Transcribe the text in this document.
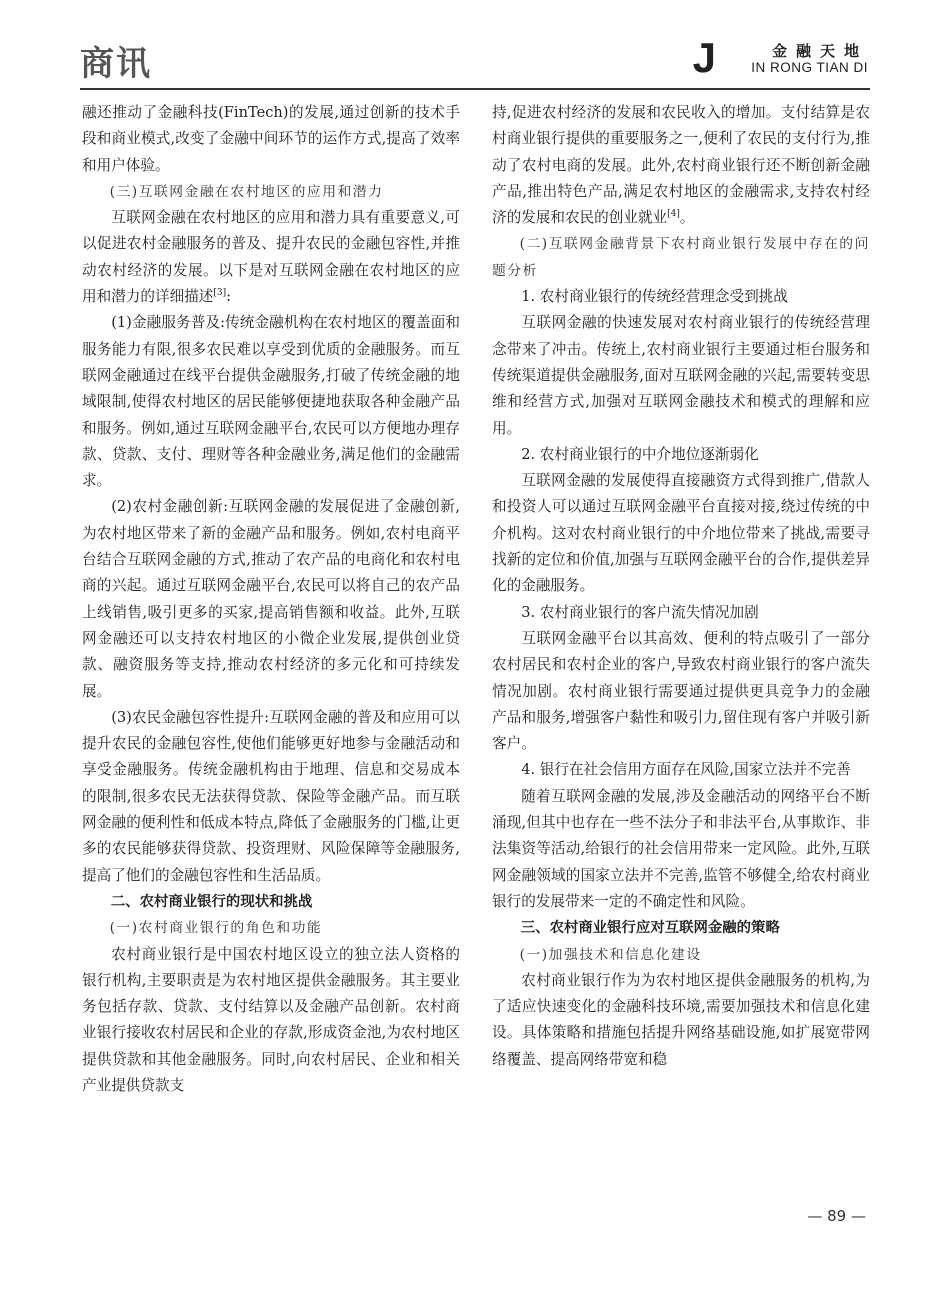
商讯	J	金融天地
IN RONG TIAN DI

融还推动了金融科技(FinTech)的发展,通过创新的技术手段和商业模式,改变了金融中间环节的运作方式,提高了效率和用户体验。

(三)互联网金融在农村地区的应用和潜力

互联网金融在农村地区的应用和潜力具有重要意义,可以促进农村金融服务的普及、提升农民的金融包容性,并推动农村经济的发展。以下是对互联网金融在农村地区的应用和潜力的详细描述[3]:

(1)金融服务普及:传统金融机构在农村地区的覆盖面和服务能力有限,很多农民难以享受到优质的金融服务。而互联网金融通过在线平台提供金融服务,打破了传统金融的地域限制,使得农村地区的居民能够便捷地获取各种金融产品和服务。例如,通过互联网金融平台,农民可以方便地办理存款、贷款、支付、理财等各种金融业务,满足他们的金融需求。

(2)农村金融创新:互联网金融的发展促进了金融创新,为农村地区带来了新的金融产品和服务。例如,农村电商平台结合互联网金融的方式,推动了农产品的电商化和农村电商的兴起。通过互联网金融平台,农民可以将自己的农产品上线销售,吸引更多的买家,提高销售额和收益。此外,互联网金融还可以支持农村地区的小微企业发展,提供创业贷款、融资服务等支持,推动农村经济的多元化和可持续发展。

(3)农民金融包容性提升:互联网金融的普及和应用可以提升农民的金融包容性,使他们能够更好地参与金融活动和享受金融服务。传统金融机构由于地理、信息和交易成本的限制,很多农民无法获得贷款、保险等金融产品。而互联网金融的便利性和低成本特点,降低了金融服务的门槛,让更多的农民能够获得贷款、投资理财、风险保障等金融服务,提高了他们的金融包容性和生活品质。

二、农村商业银行的现状和挑战

(一)农村商业银行的角色和功能

农村商业银行是中国农村地区设立的独立法人资格的银行机构,主要职责是为农村地区提供金融服务。其主要业务包括存款、贷款、支付结算以及金融产品创新。农村商业银行接收农村居民和企业的存款,形成资金池,为农村地区提供贷款和其他金融服务。同时,向农村居民、企业和相关产业提供贷款支

持,促进农村经济的发展和农民收入的增加。支付结算是农村商业银行提供的重要服务之一,便利了农民的支付行为,推动了农村电商的发展。此外,农村商业银行还不断创新金融产品,推出特色产品,满足农村地区的金融需求,支持农村经济的发展和农民的创业就业[4]。

(二)互联网金融背景下农村商业银行发展中存在的问题分析

1. 农村商业银行的传统经营理念受到挑战

互联网金融的快速发展对农村商业银行的传统经营理念带来了冲击。传统上,农村商业银行主要通过柜台服务和传统渠道提供金融服务,面对互联网金融的兴起,需要转变思维和经营方式,加强对互联网金融技术和模式的理解和应用。

2. 农村商业银行的中介地位逐渐弱化

互联网金融的发展使得直接融资方式得到推广,借款人和投资人可以通过互联网金融平台直接对接,绕过传统的中介机构。这对农村商业银行的中介地位带来了挑战,需要寻找新的定位和价值,加强与互联网金融平台的合作,提供差异化的金融服务。

3. 农村商业银行的客户流失情况加剧

互联网金融平台以其高效、便利的特点吸引了一部分农村居民和农村企业的客户,导致农村商业银行的客户流失情况加剧。农村商业银行需要通过提供更具竞争力的金融产品和服务,增强客户黏性和吸引力,留住现有客户并吸引新客户。

4. 银行在社会信用方面存在风险,国家立法并不完善

随着互联网金融的发展,涉及金融活动的网络平台不断涌现,但其中也存在一些不法分子和非法平台,从事欺诈、非法集资等活动,给银行的社会信用带来一定风险。此外,互联网金融领域的国家立法并不完善,监管不够健全,给农村商业银行的发展带来一定的不确定性和风险。

三、农村商业银行应对互联网金融的策略

(一)加强技术和信息化建设

农村商业银行作为为农村地区提供金融服务的机构,为了适应快速变化的金融科技环境,需要加强技术和信息化建设。具体策略和措施包括提升网络基础设施,如扩展宽带网络覆盖、提高网络带宽和稳

— 89 —
